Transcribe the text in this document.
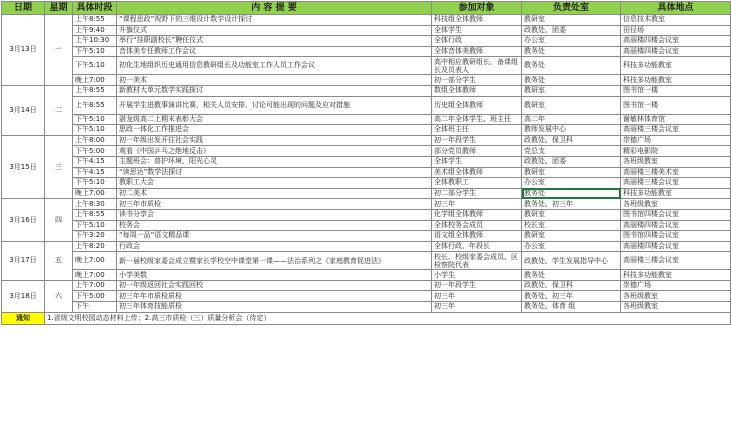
日期	星期	具体时段	内 容 提 要	参加对象	负责处室	具体地点
3月13日	一	上午8:55	“课程思政”视野下的三维设计数学设计探讨	科技组全体教师	教研室	信息技术教室
		上午9:40	升旗仪式	全体学生	政教处、团委	田径场
		上午10:30	举行“挂职副校长”聘任仪式	全体行政	办公室	高丽楼四楼会议室
		下午5:10	音体美专任教师工作会议	全体音体美教师	教务处	高丽楼四楼会议室
		下午5:10	初化生地组织历史通用信息教研组长及功能室工作人员工作会议	高中相应教研组长、备课组长及员表人	教务处	科技多功能教室
		晚上7:00	初一美术	初一部分学生	教务处	科技多功能教室
3月14日	二	上午8:55	新教材大单元数学实践探讨	数组全体教师	教研室	图书馆一楼
		上午8:55	开展学生进教事演讲比赛，相关人员安排，讨论可能出现的问题及应对措施	历史组全体教师	教研室	图书馆一楼
		下午5:10	湛龙级高二上期末表彰大会	高二年全体学生、班主任	高二年	谢敏林体育馆
		下午5:10	思政一体化工作推进会	全体班主任	教师发展中心	高丽楼三楼会议室
3月15日	三	上午8:00	初一年级出发开往社会实践	初一年段学生	政教处、保卫科	崇德广场
		下午5:00	观看《中国乒乓之绝地反击》	部分党员教师	党总支	精彩电影院
		下午4:15	主题班会：普护环境，阳光心灵	全体学生	政教处、团委	各班级教室
		下午4:15	“读思达”数学法探讨	美术组全体教师	教研室	高丽楼三楼美术室
		下午5:10	教职工大会	全体教职工	办公室	高丽楼三楼会议室
		晚上7:00	初二美术	初二部分学生	教务处	科技多功能教室
3月16日	四	上午8:30	初三年市质检	初三年	教务处、初三年	各班级教室
		上午8:55	读书分享会	化学组全体教师	教研室	图书馆四楼会议室
		下午5:10	校务会	全体校务会成员	校长室	高丽楼四楼会议室
		下午3:20	“每周一品”语文精品课	语文组全体教师	教研室	图书馆四楼会议室
3月17日	五	上午8:20	行政会	全体行政、年段长	办公室	高丽楼四楼会议室
		晚上7:00	新一届校级家委会成立暨家长学校空中课堂第一课——法治系列之《家庭教育促进法》	校长、校级家委会成员、区检察院代表	政教处、学生发展指导中心	高丽楼三楼会议室
		晚上7:00	小学美数	小学生	教务处	科技多功能教室
3月18日	六	上午7:00	初一年级返回社会实践回校	初一年段学生	政教处、保卫科	崇德广场
		下午5:00	初三年年市质检质检	初三年	教务处、初三年	各班级教室
		下午	初三年体育技能质检	初三年	教务处、体育 组	各班级教室
通知	1.省级文明校园动态材料上传；2.高三市质检（三）质量分析会（待定）					
